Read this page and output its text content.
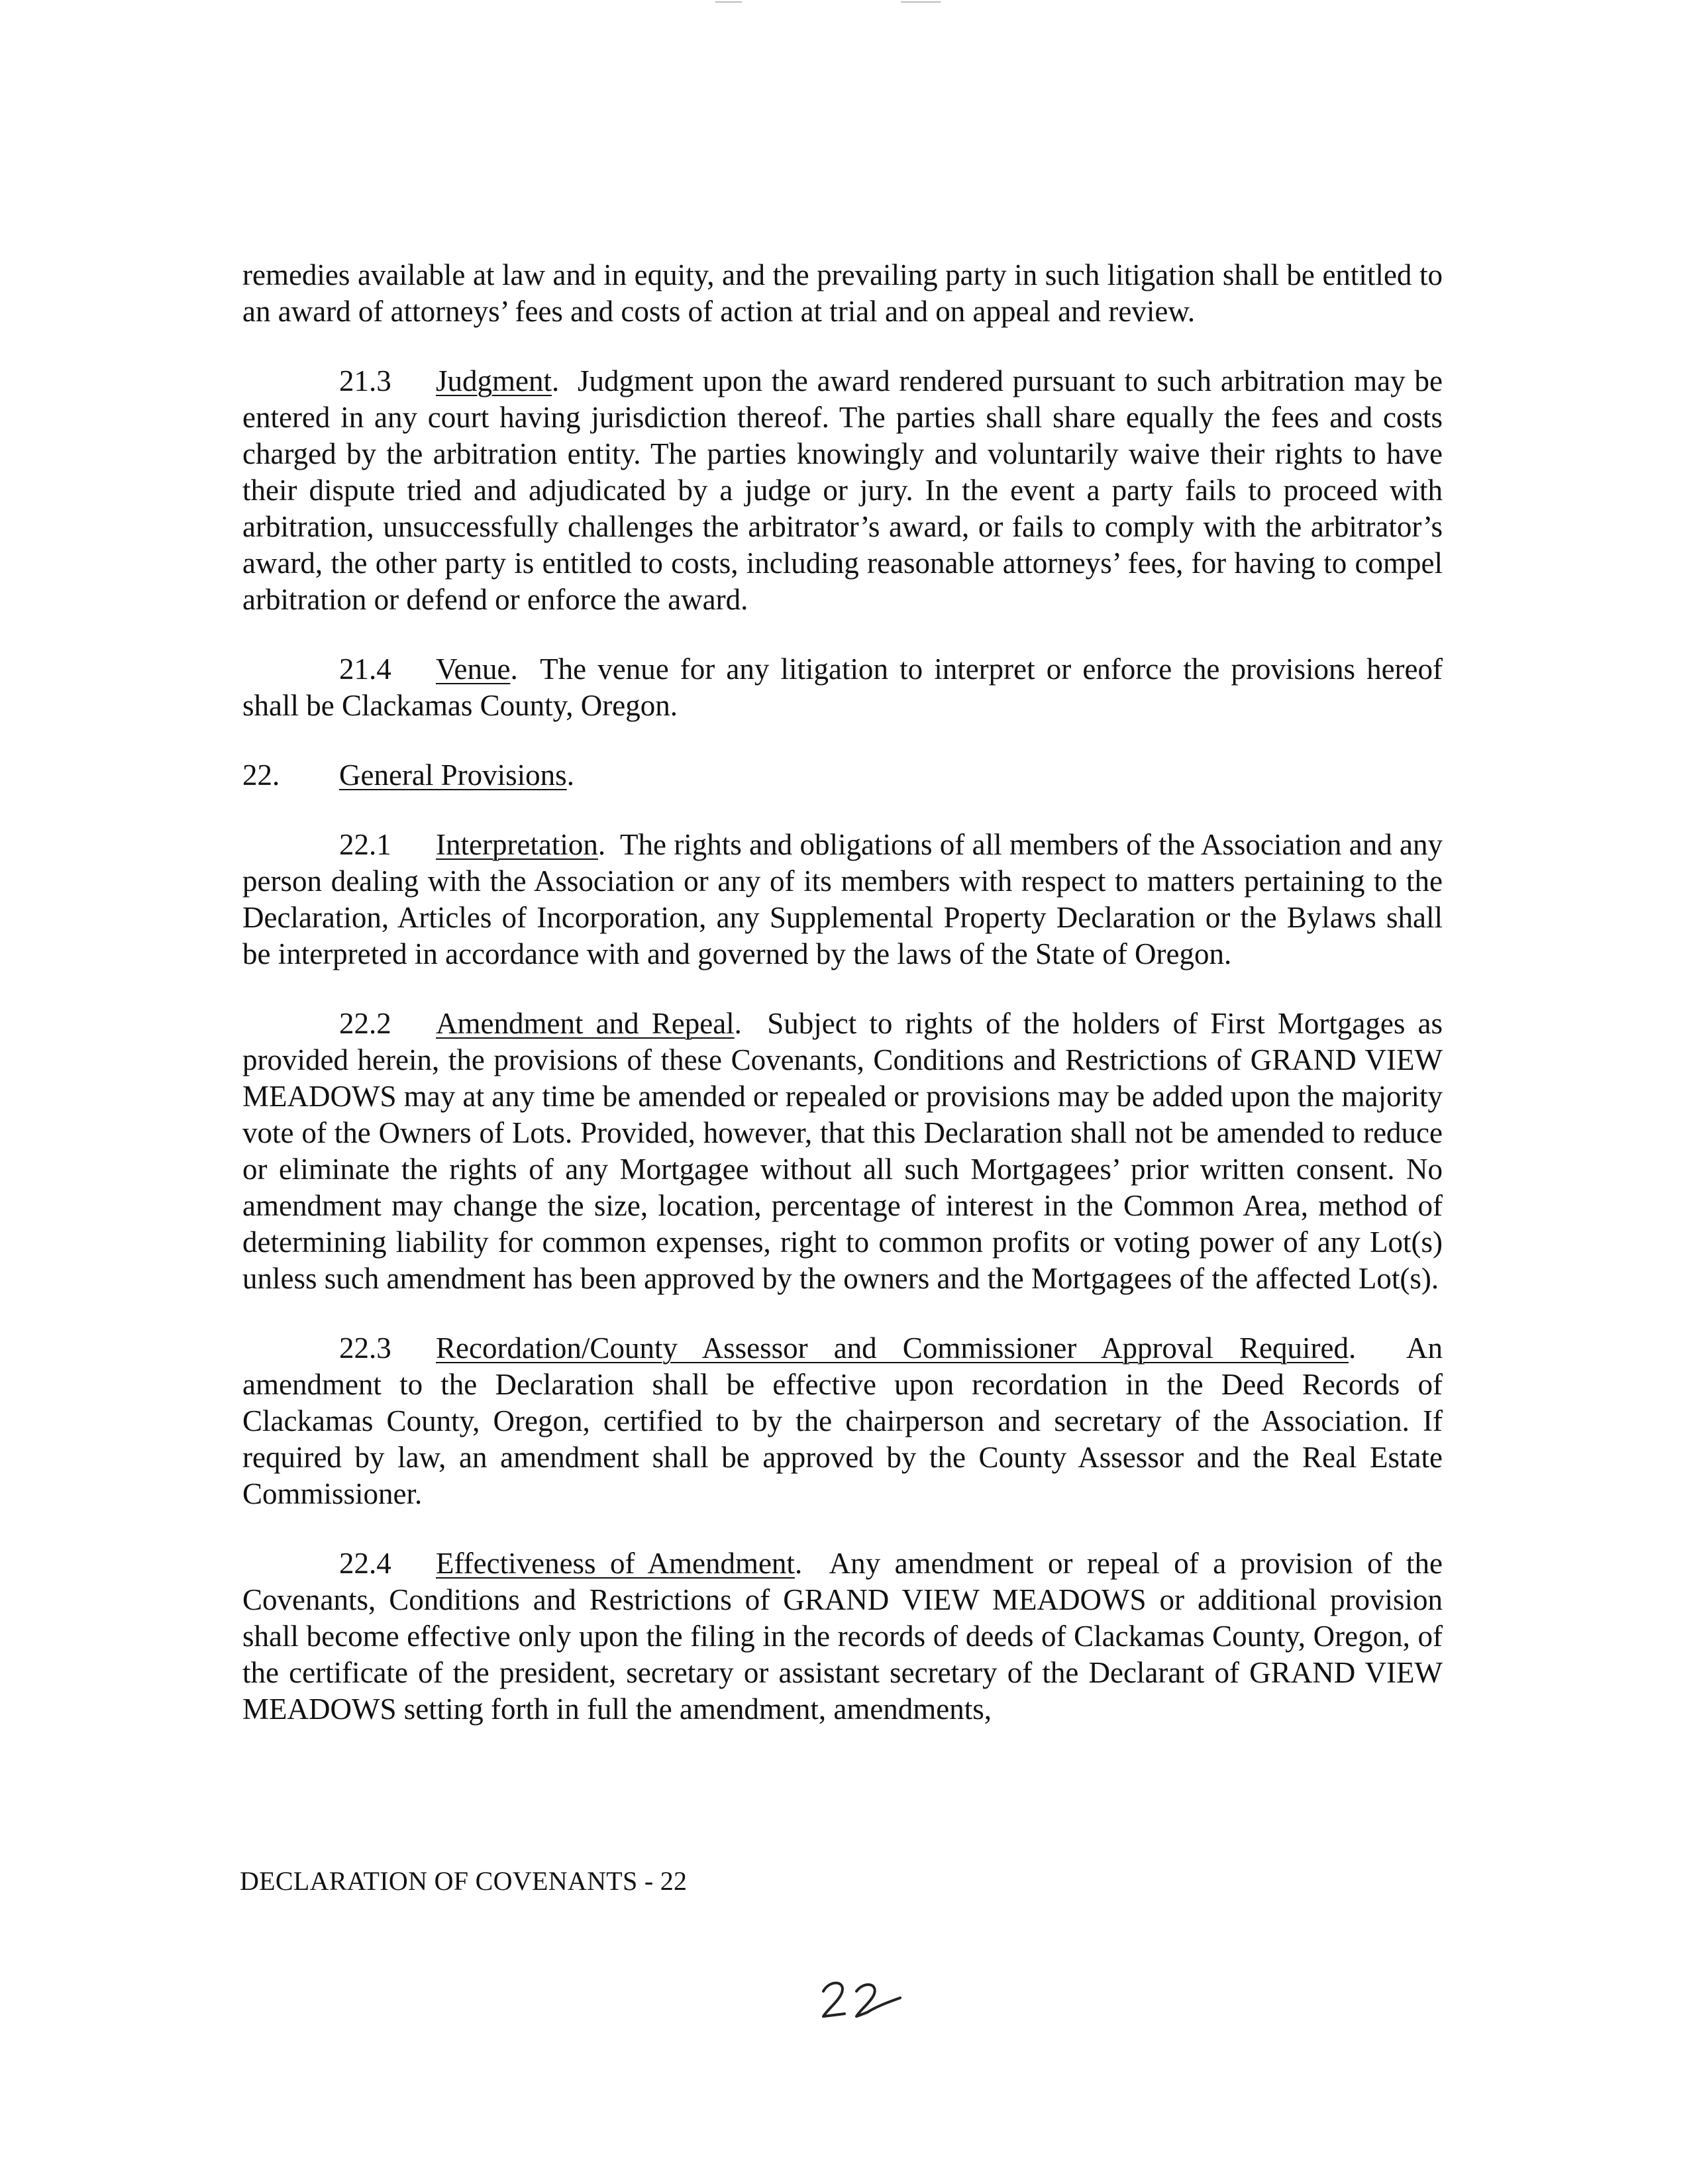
remedies available at law and in equity, and the prevailing party in such litigation shall be entitled to an award of attorneys’ fees and costs of action at trial and on appeal and review.

21.3 Judgment.  Judgment upon the award rendered pursuant to such arbitration may be entered in any court having jurisdiction thereof. The parties shall share equally the fees and costs charged by the arbitration entity. The parties knowingly and voluntarily waive their rights to have their dispute tried and adjudicated by a judge or jury. In the event a party fails to proceed with arbitration, unsuccessfully challenges the arbitrator’s award, or fails to comply with the arbitrator’s award, the other party is entitled to costs, including reasonable attorneys’ fees, for having to compel arbitration or defend or enforce the award.

21.4 Venue.  The venue for any litigation to interpret or enforce the provisions hereof shall be Clackamas County, Oregon.

22. General Provisions.

22.1 Interpretation.  The rights and obligations of all members of the Association and any person dealing with the Association or any of its members with respect to matters pertaining to the Declaration, Articles of Incorporation, any Supplemental Property Declaration or the Bylaws shall be interpreted in accordance with and governed by the laws of the State of Oregon.

22.2 Amendment and Repeal.  Subject to rights of the holders of First Mortgages as provided herein, the provisions of these Covenants, Conditions and Restrictions of GRAND VIEW MEADOWS may at any time be amended or repealed or provisions may be added upon the majority vote of the Owners of Lots. Provided, however, that this Declaration shall not be amended to reduce or eliminate the rights of any Mortgagee without all such Mortgagees’ prior written consent. No amendment may change the size, location, percentage of interest in the Common Area, method of determining liability for common expenses, right to common profits or voting power of any Lot(s) unless such amendment has been approved by the owners and the Mortgagees of the affected Lot(s).

22.3 Recordation/County Assessor and Commissioner Approval Required.  An amendment to the Declaration shall be effective upon recordation in the Deed Records of Clackamas County, Oregon, certified to by the chairperson and secretary of the Association. If required by law, an amendment shall be approved by the County Assessor and the Real Estate Commissioner.

22.4 Effectiveness of Amendment.  Any amendment or repeal of a provision of the Covenants, Conditions and Restrictions of GRAND VIEW MEADOWS or additional provision shall become effective only upon the filing in the records of deeds of Clackamas County, Oregon, of the certificate of the president, secretary or assistant secretary of the Declarant of GRAND VIEW MEADOWS setting forth in full the amendment, amendments,

DECLARATION OF COVENANTS - 22
